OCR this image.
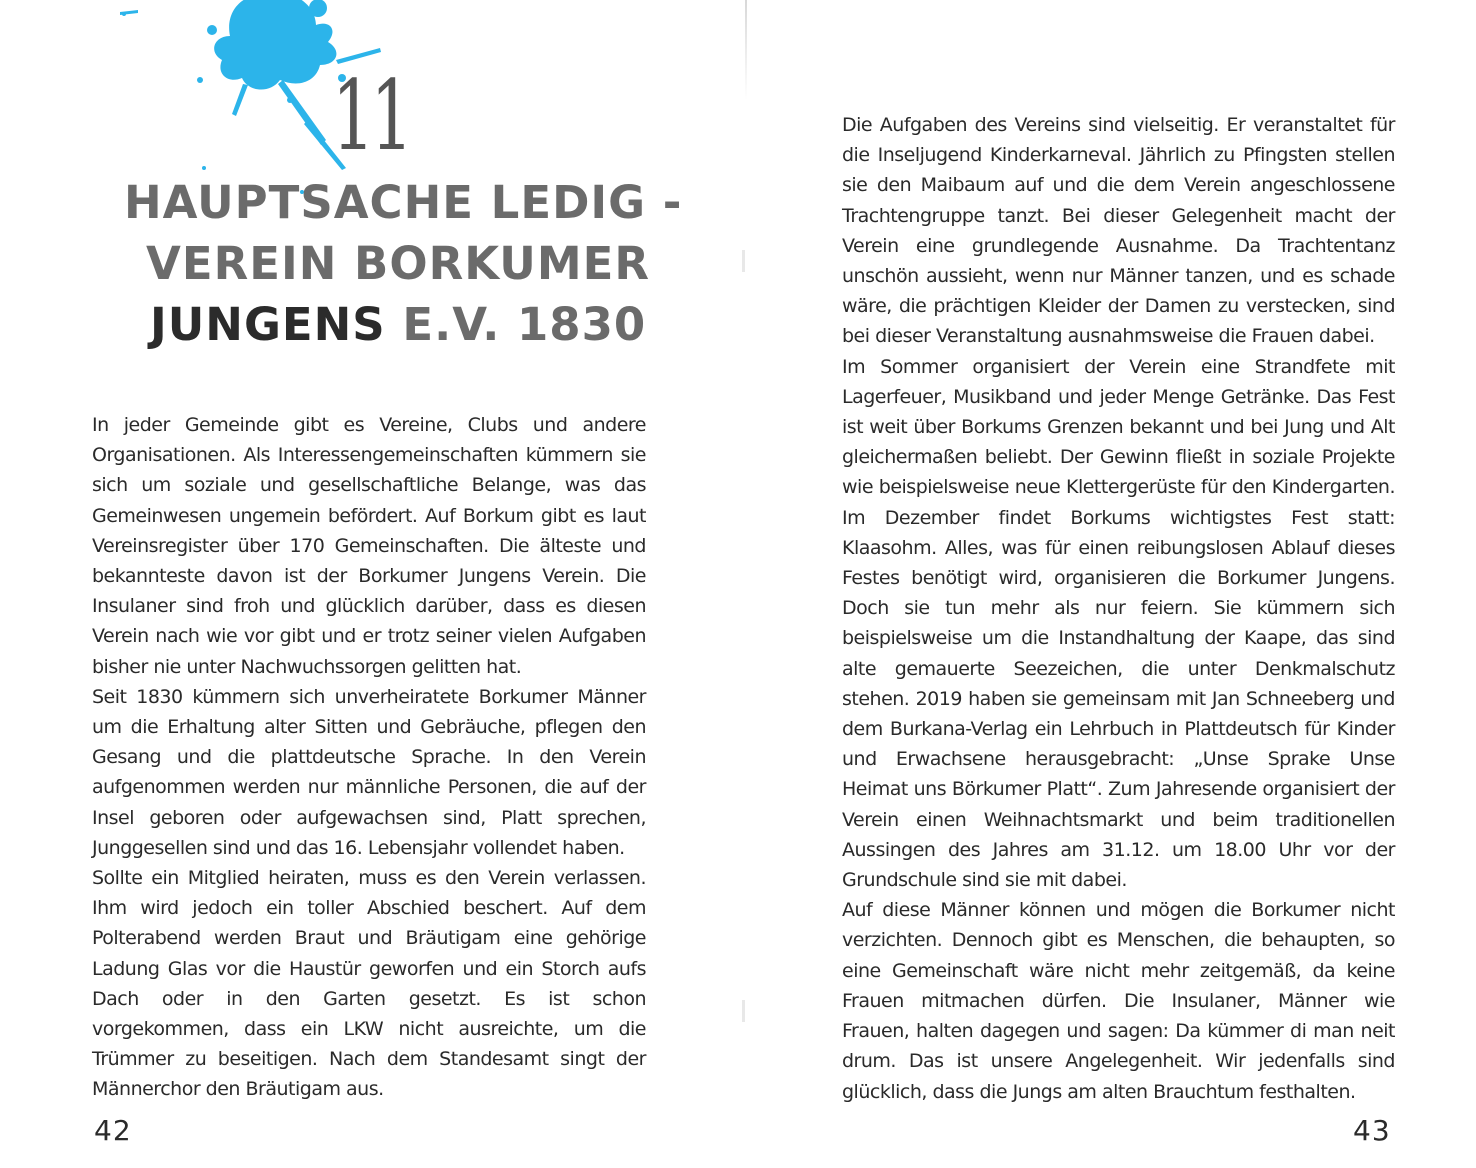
11
HAUPTSACHE LEDIG -
VEREIN BORKUMER
JUNGENS E.V. 1830

In jeder Gemeinde gibt es Vereine, Clubs und andere Organisationen. Als Interessengemeinschaften kümmern sie sich um soziale und gesellschaftliche Belange, was das Gemeinwesen ungemein befördert. Auf Borkum gibt es laut Vereinsregister über 170 Gemeinschaften. Die älteste und bekannteste davon ist der Borkumer Jungens Verein. Die Insulaner sind froh und glücklich darüber, dass es diesen Verein nach wie vor gibt und er trotz seiner vielen Aufgaben bisher nie unter Nachwuchssorgen gelitten hat.

Seit 1830 kümmern sich unverheiratete Borkumer Männer um die Erhaltung alter Sitten und Gebräuche, pflegen den Gesang und die plattdeutsche Sprache. In den Verein aufgenommen werden nur männliche Personen, die auf der Insel geboren oder aufgewachsen sind, Platt sprechen, Junggesellen sind und das 16. Lebensjahr vollendet haben.

Sollte ein Mitglied heiraten, muss es den Verein verlassen. Ihm wird jedoch ein toller Abschied beschert. Auf dem Polterabend werden Braut und Bräutigam eine gehörige Ladung Glas vor die Haustür geworfen und ein Storch aufs Dach oder in den Garten gesetzt. Es ist schon vorgekommen, dass ein LKW nicht ausreichte, um die Trümmer zu beseitigen. Nach dem Standesamt singt der Männerchor den Bräutigam aus.

42

Die Aufgaben des Vereins sind vielseitig. Er veranstaltet für die Inseljugend Kinderkarneval. Jährlich zu Pfingsten stellen sie den Maibaum auf und die dem Verein angeschlossene Trachtengruppe tanzt. Bei dieser Gelegenheit macht der Verein eine grundlegende Ausnahme. Da Trachtentanz unschön aussieht, wenn nur Männer tanzen, und es schade wäre, die prächtigen Kleider der Damen zu verstecken, sind bei dieser Veranstaltung ausnahmsweise die Frauen dabei.

Im Sommer organisiert der Verein eine Strandfete mit Lagerfeuer, Musikband und jeder Menge Getränke. Das Fest ist weit über Borkums Grenzen bekannt und bei Jung und Alt gleichermaßen beliebt. Der Gewinn fließt in soziale Projekte wie beispielsweise neue Klettergerüste für den Kindergarten. Im Dezember findet Borkums wichtigstes Fest statt: Klaasohm. Alles, was für einen reibungslosen Ablauf dieses Festes benötigt wird, organisieren die Borkumer Jungens. Doch sie tun mehr als nur feiern. Sie kümmern sich beispielsweise um die Instandhaltung der Kaape, das sind alte gemauerte Seezeichen, die unter Denkmalschutz stehen. 2019 haben sie gemeinsam mit Jan Schneeberg und dem Burkana-Verlag ein Lehrbuch in Plattdeutsch für Kinder und Erwachsene herausgebracht: „Unse Sprake Unse Heimat uns Börkumer Platt“. Zum Jahresende organisiert der Verein einen Weihnachtsmarkt und beim traditionellen Aussingen des Jahres am 31.12. um 18.00 Uhr vor der Grundschule sind sie mit dabei.

Auf diese Männer können und mögen die Borkumer nicht verzichten. Dennoch gibt es Menschen, die behaupten, so eine Gemeinschaft wäre nicht mehr zeitgemäß, da keine Frauen mitmachen dürfen. Die Insulaner, Männer wie Frauen, halten dagegen und sagen: Da kümmer di man neit drum. Das ist unsere Angelegenheit. Wir jedenfalls sind glücklich, dass die Jungs am alten Brauchtum festhalten.

43
